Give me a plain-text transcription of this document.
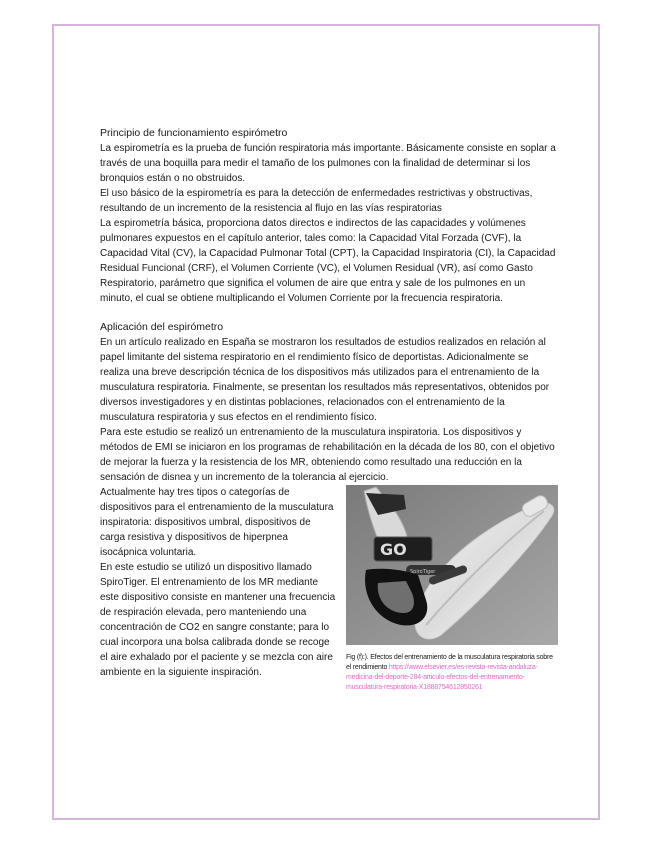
Principio de funcionamiento espirómetro

La espirometría es la prueba de función respiratoria más importante. Básicamente consiste en soplar a través de una boquilla para medir el tamaño de los pulmones con la finalidad de determinar si los bronquios están o no obstruidos.

El uso básico de la espirometría es para la detección de enfermedades restrictivas y obstructivas, resultando de un incremento de la resistencia al flujo en las vías respiratorias

La espirometría básica, proporciona datos directos e indirectos de las capacidades y volúmenes pulmonares expuestos en el capítulo anterior, tales como: la Capacidad Vital Forzada (CVF), la Capacidad Vital (CV), la Capacidad Pulmonar Total (CPT), la Capacidad Inspiratoria (CI), la Capacidad Residual Funcional (CRF), el Volumen Corriente (VC), el Volumen Residual (VR), así como Gasto Respiratorio, parámetro que significa el volumen de aire que entra y sale de los pulmones en un minuto, el cual se obtiene multiplicando el Volumen Corriente por la frecuencia respiratoria.

Aplicación del espirómetro

En un artículo realizado en España se mostraron los resultados de estudios realizados en relación al papel limitante del sistema respiratorio en el rendimiento físico de deportistas. Adicionalmente se realiza una breve descripción técnica de los dispositivos más utilizados para el entrenamiento de la musculatura respiratoria. Finalmente, se presentan los resultados más representativos, obtenidos por diversos investigadores y en distintas poblaciones, relacionados con el entrenamiento de la musculatura respiratoria y sus efectos en el rendimiento físico.

Para este estudio se realizó un entrenamiento de la musculatura inspiratoria. Los dispositivos y métodos de EMI se iniciaron en los programas de rehabilitación en la década de los 80, con el objetivo de mejorar la fuerza y la resistencia de los MR, obteniendo como resultado una reducción en la sensación de disnea y un incremento de la tolerancia al ejercicio.

Actualmente hay tres tipos o categorías de dispositivos para el entrenamiento de la musculatura inspiratoria: dispositivos umbral, dispositivos de carga resistiva y dispositivos de hiperpnea isocápnica voluntaria.

En este estudio se utilizó un dispositivo llamado SpiroTiger. El entrenamiento de los MR mediante este dispositivo consiste en mantener una frecuencia de respiración elevada, pero manteniendo una concentración de CO2 en sangre constante; para lo cual incorpora una bolsa calibrada donde se recoge el aire exhalado por el paciente y se mezcla con aire ambiente en la siguiente inspiración.

GO
SpiroTiger
Fig (f):). Efectos del entrenamiento de la musculatura respiratoria sobre el rendimiento https://www.elsevier.es/es-revista-revista-andaluza-medicina-del-deporte-284-articulo-efectos-del-entrenamiento-musculatura-respiratoria-X1888754612850261
